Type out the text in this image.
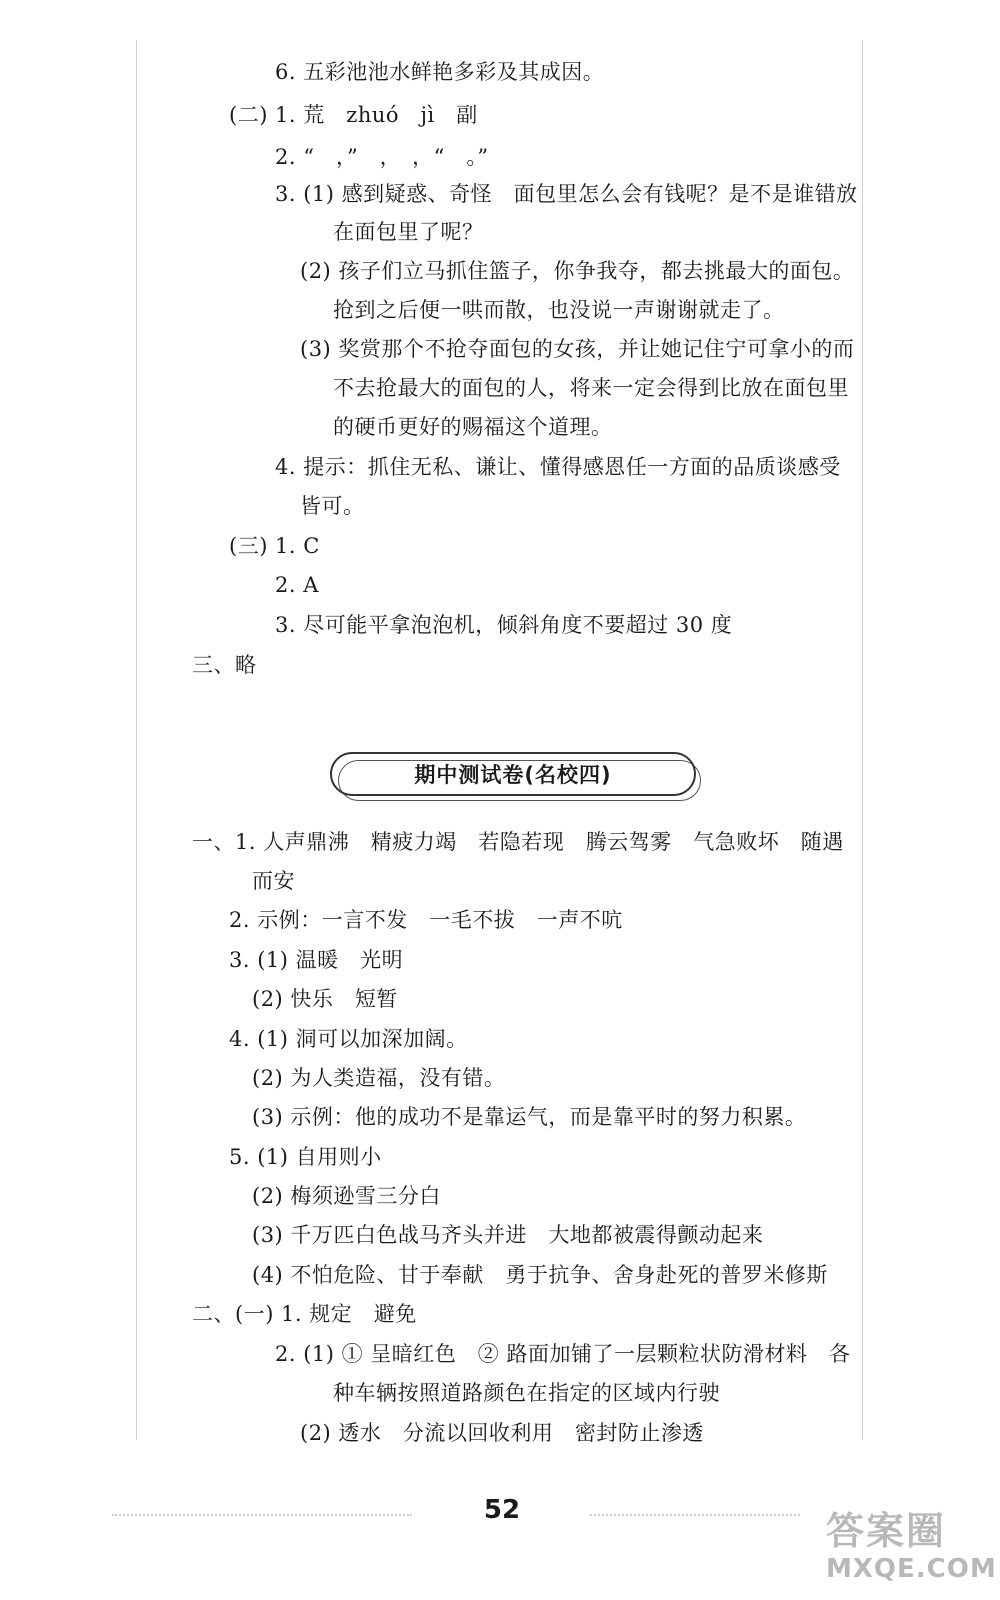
6. 五彩池池水鲜艳多彩及其成因。
(二) 1. 荒　zhuó　jì　副
2. “　，”　，　，“　。”
3. (1) 感到疑惑、奇怪　面包里怎么会有钱呢？是不是谁错放
在面包里了呢？
(2) 孩子们立马抓住篮子，你争我夺，都去挑最大的面包。
抢到之后便一哄而散，也没说一声谢谢就走了。
(3) 奖赏那个不抢夺面包的女孩，并让她记住宁可拿小的而
不去抢最大的面包的人，将来一定会得到比放在面包里
的硬币更好的赐福这个道理。
4. 提示：抓住无私、谦让、懂得感恩任一方面的品质谈感受
皆可。
(三) 1. C
2. A
3. 尽可能平拿泡泡机，倾斜角度不要超过 30 度
三、略
期中测试卷(名校四)
一、1. 人声鼎沸　精疲力竭　若隐若现　腾云驾雾　气急败坏　随遇
而安
2. 示例：一言不发　一毛不拔　一声不吭
3. (1) 温暖　光明
(2) 快乐　短暂
4. (1) 洞可以加深加阔。
(2) 为人类造福，没有错。
(3) 示例：他的成功不是靠运气，而是靠平时的努力积累。
5. (1) 自用则小
(2) 梅须逊雪三分白
(3) 千万匹白色战马齐头并进　大地都被震得颤动起来
(4) 不怕危险、甘于奉献　勇于抗争、舍身赴死的普罗米修斯
二、(一) 1. 规定　避免
2. (1) ① 呈暗红色　② 路面加铺了一层颗粒状防滑材料　各
种车辆按照道路颜色在指定的区域内行驶
(2) 透水　分流以回收利用　密封防止渗透
52	答案圈
MXQE.COM
